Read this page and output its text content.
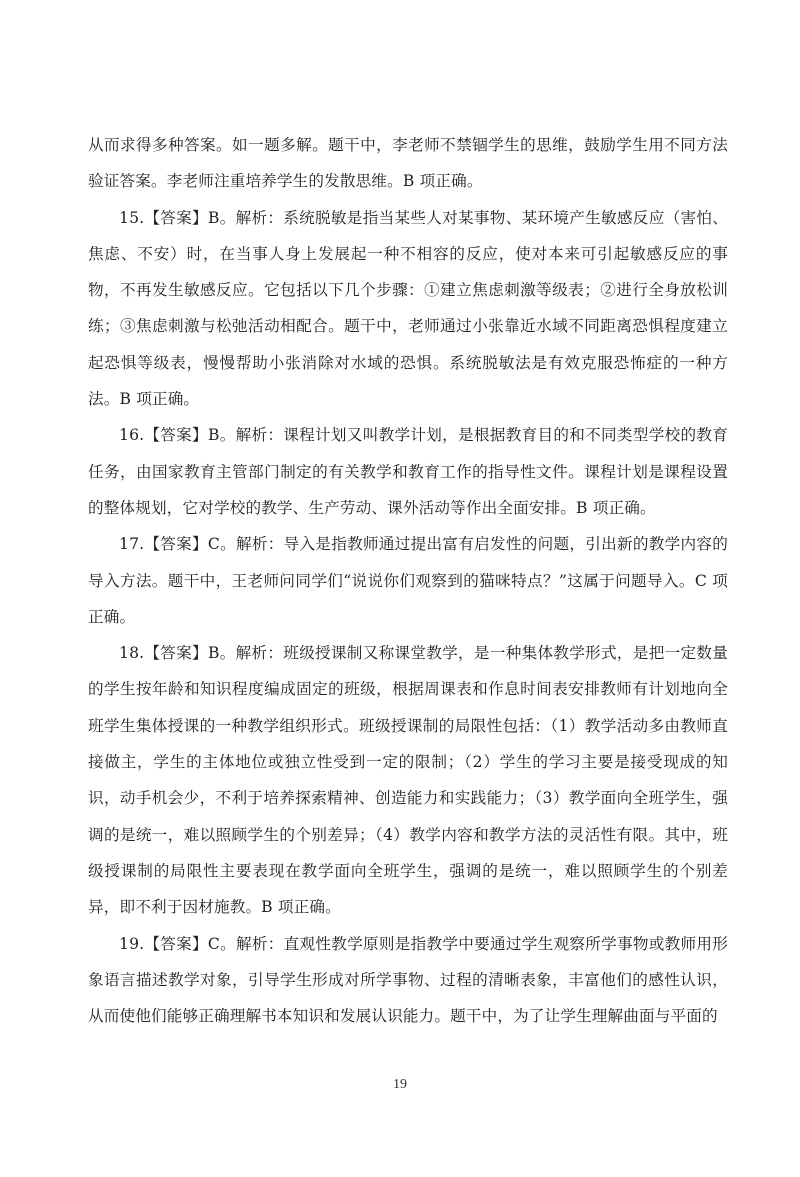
从而求得多种答案。如一题多解。题干中，李老师不禁锢学生的思维，鼓励学生用不同方法验证答案。李老师注重培养学生的发散思维。B 项正确。

15.【答案】B。解析：系统脱敏是指当某些人对某事物、某环境产生敏感反应（害怕、焦虑、不安）时，在当事人身上发展起一种不相容的反应，使对本来可引起敏感反应的事物，不再发生敏感反应。它包括以下几个步骤：①建立焦虑刺激等级表；②进行全身放松训练；③焦虑刺激与松弛活动相配合。题干中，老师通过小张靠近水域不同距离恐惧程度建立起恐惧等级表，慢慢帮助小张消除对水域的恐惧。系统脱敏法是有效克服恐怖症的一种方法。B 项正确。

16.【答案】B。解析：课程计划又叫教学计划，是根据教育目的和不同类型学校的教育任务，由国家教育主管部门制定的有关教学和教育工作的指导性文件。课程计划是课程设置的整体规划，它对学校的教学、生产劳动、课外活动等作出全面安排。B 项正确。

17.【答案】C。解析：导入是指教师通过提出富有启发性的问题，引出新的教学内容的导入方法。题干中，王老师问同学们“说说你们观察到的猫咪特点？”这属于问题导入。C 项正确。

18.【答案】B。解析：班级授课制又称课堂教学，是一种集体教学形式，是把一定数量的学生按年龄和知识程度编成固定的班级，根据周课表和作息时间表安排教师有计划地向全班学生集体授课的一种教学组织形式。班级授课制的局限性包括：（1）教学活动多由教师直接做主，学生的主体地位或独立性受到一定的限制；（2）学生的学习主要是接受现成的知识，动手机会少，不利于培养探索精神、创造能力和实践能力；（3）教学面向全班学生，强调的是统一，难以照顾学生的个别差异；（4）教学内容和教学方法的灵活性有限。其中，班级授课制的局限性主要表现在教学面向全班学生，强调的是统一，难以照顾学生的个别差异，即不利于因材施教。B 项正确。

19.【答案】C。解析：直观性教学原则是指教学中要通过学生观察所学事物或教师用形象语言描述教学对象，引导学生形成对所学事物、过程的清晰表象，丰富他们的感性认识，从而使他们能够正确理解书本知识和发展认识能力。题干中，为了让学生理解曲面与平面的

19
